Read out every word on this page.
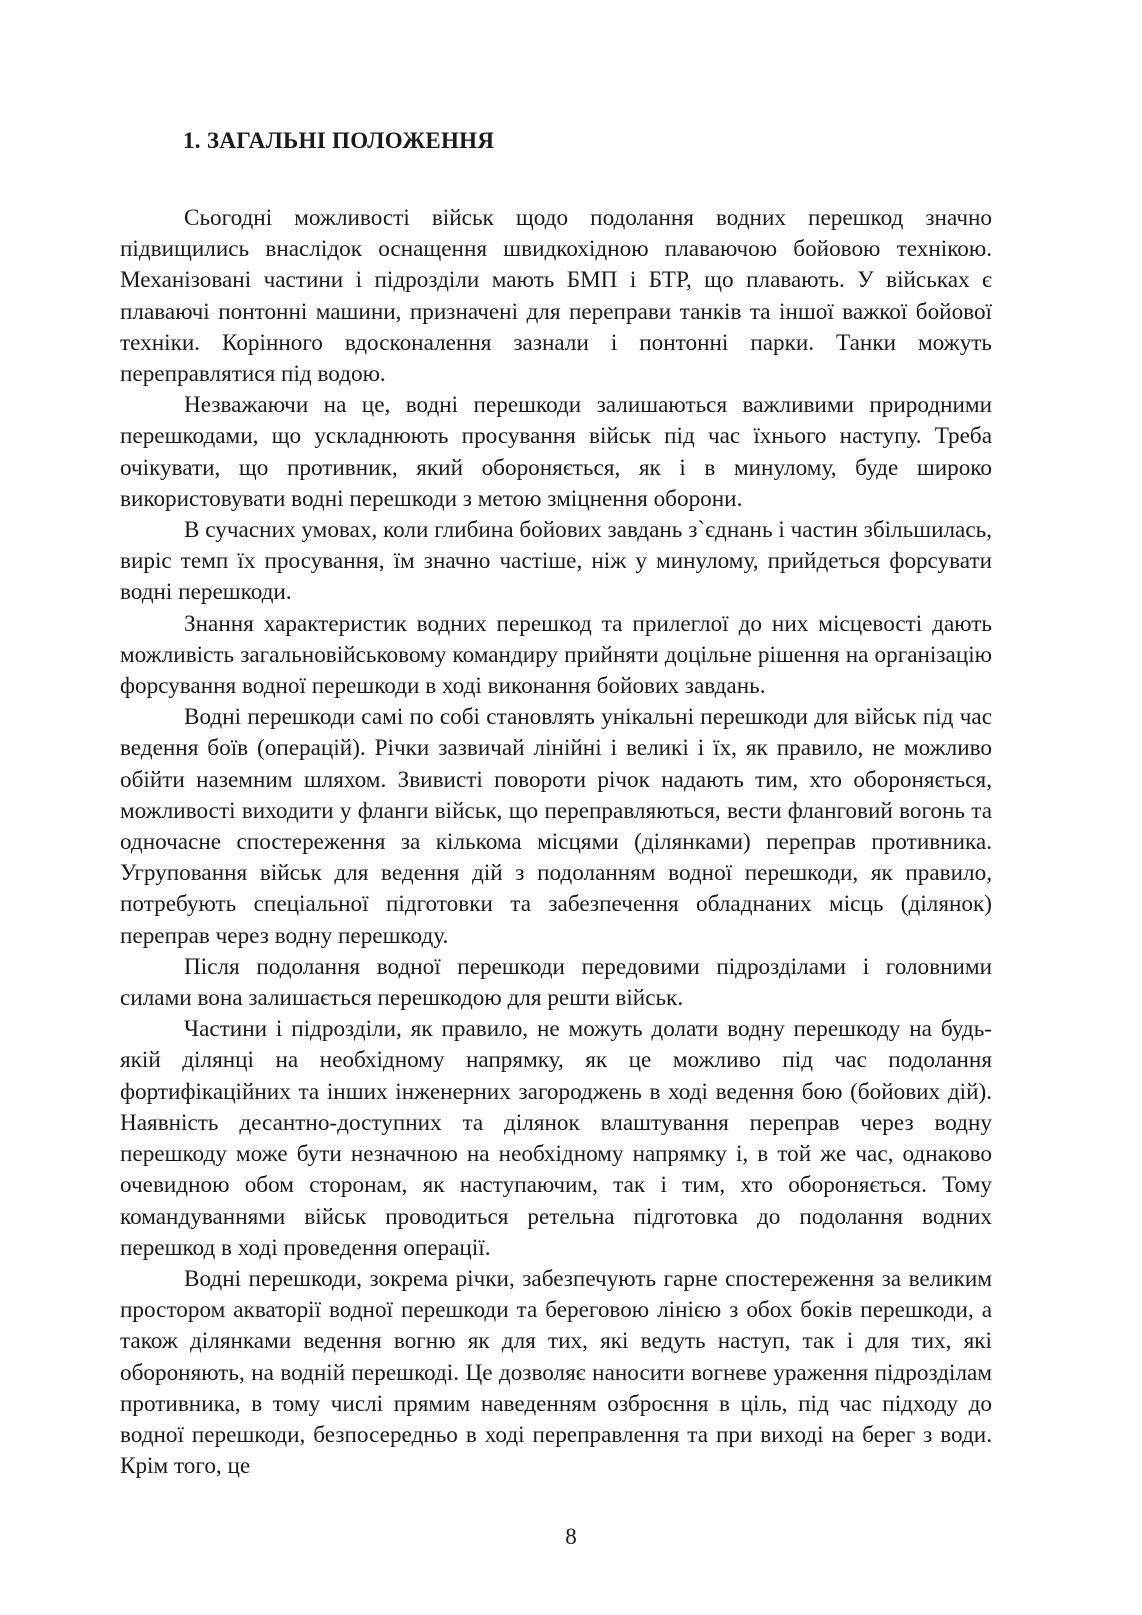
1. ЗАГАЛЬНІ ПОЛОЖЕННЯ

Сьогодні можливості військ щодо подолання водних перешкод значно підвищились внаслідок оснащення швидкохідною плаваючою бойовою технікою. Механізовані частини і підрозділи мають БМП і БТР, що плавають. У військах є плаваючі понтонні машини, призначені для переправи танків та іншої важкої бойової техніки. Корінного вдосконалення зазнали і понтонні парки. Танки можуть переправлятися під водою.

Незважаючи на це, водні перешкоди залишаються важливими природними перешкодами, що ускладнюють просування військ під час їхнього наступу. Треба очікувати, що противник, який обороняється, як і в минулому, буде широко використовувати водні перешкоди з метою зміцнення оборони.

В сучасних умовах, коли глибина бойових завдань з`єднань і частин збільшилась, виріс темп їх просування, їм значно частіше, ніж у минулому, прийдеться форсувати водні перешкоди.

Знання характеристик водних перешкод та прилеглої до них місцевості дають можливість загальновійськовому командиру прийняти доцільне рішення на організацію форсування водної перешкоди в ході виконання бойових завдань.

Водні перешкоди самі по собі становлять унікальні перешкоди для військ під час ведення боїв (операцій). Річки зазвичай лінійні і великі і їх, як правило, не можливо обійти наземним шляхом. Звивисті повороти річок надають тим, хто обороняється, можливості виходити у фланги військ, що переправляються, вести фланговий вогонь та одночасне спостереження за кількома місцями (ділянками) переправ противника. Угруповання військ для ведення дій з подоланням водної перешкоди, як правило, потребують спеціальної підготовки та забезпечення обладнаних місць (ділянок) переправ через водну перешкоду.

Після подолання водної перешкоди передовими підрозділами і головними силами вона залишається перешкодою для решти військ.

Частини і підрозділи, як правило, не можуть долати водну перешкоду на будь-якій ділянці на необхідному напрямку, як це можливо під час подолання фортифікаційних та інших інженерних загороджень в ході ведення бою (бойових дій). Наявність десантно-доступних та ділянок влаштування переправ через водну перешкоду може бути незначною на необхідному напрямку і, в той же час, однаково очевидною обом сторонам, як наступаючим, так і тим, хто обороняється. Тому командуваннями військ проводиться ретельна підготовка до подолання водних перешкод в ході проведення операції.

Водні перешкоди, зокрема річки, забезпечують гарне спостереження за великим простором акваторії водної перешкоди та береговою лінією з обох боків перешкоди, а також ділянками ведення вогню як для тих, які ведуть наступ, так і для тих, які обороняють, на водній перешкоді. Це дозволяє наносити вогневе ураження підрозділам противника, в тому числі прямим наведенням озброєння в ціль, під час підходу до водної перешкоди, безпосередньо в ході переправлення та при виході на берег з води. Крім того, це

8
